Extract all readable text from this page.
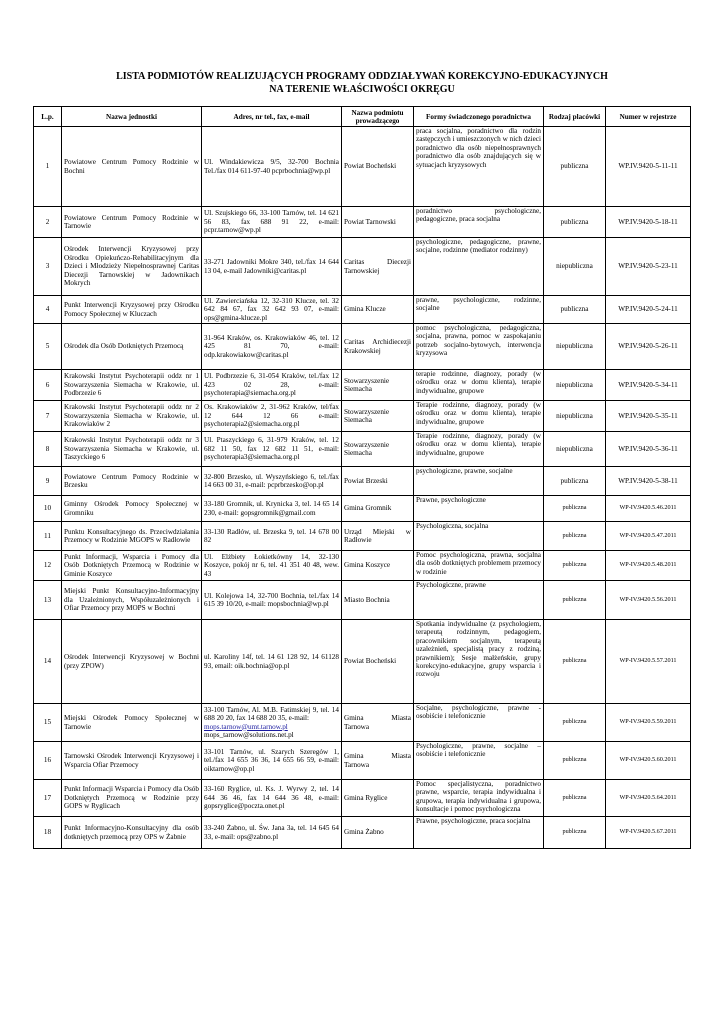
LISTA PODMIOTÓW REALIZUJĄCYCH PROGRAMY ODDZIAŁYWAŃ KOREKCYJNO-EDUKACYJNYCH
NA TERENIE WŁAŚCIWOŚCI OKRĘGU
L.p.	Nazwa jednostki	Adres, nr tel., fax, e-mail	Nazwa podmiotu prowadzącego	Formy świadczonego poradnictwa	Rodzaj placówki	Numer w rejestrze
1	Powiatowe Centrum Pomocy Rodzinie w Bochni	Ul. Windakiewicza 9/5, 32-700 Bochnia Tel./fax 014 611-97-40 pcprbochnia@wp.pl	Powiat Bocheński	praca socjalna, poradnictwo dla rodzin zastępczych i umieszczonych w nich dzieci poradnictwo dla osób niepełnosprawnych poradnictwo dla osób znajdujących się w sytuacjach kryzysowych	publiczna	WP.IV.9420-5-11-11
2	Powiatowe Centrum Pomocy Rodzinie w Tarnowie	Ul. Szujskiego 66, 33-100 Tarnów, tel. 14 621 56 83, fax 688 91 22, e-mail: pcpr.tarnow@wp.pl	Powiat Tarnowski	poradnictwo psychologiczne, pedagogiczne, praca socjalna	publiczna	WP.IV.9420-5-18-11
3	Ośrodek Interwencji Kryzysowej przy Ośrodku Opiekuńczo-Rehabilitacyjnym dla Dzieci i Młodzieży Niepełnosprawnej Caritas Diecezji Tarnowskiej w Jadownikach Mokrych	33-271 Jadowniki Mokre 340, tel./fax 14 644 13 04, e-mail Jadowniki@caritas.pl	Caritas Diecezji Tarnowskiej	psychologiczne, pedagogiczne, prawne, socjalne, rodzinne (mediator rodzinny)	niepubliczna	WP.IV.9420-5-23-11
4	Punkt Interwencji Kryzysowej przy Ośrodku Pomocy Społecznej w Kluczach	Ul. Zawierciańska 12, 32-310 Klucze, tel. 32 642 84 67, fax 32 642 93 07, e-mail: ops@gmina-klucze.pl	Gmina Klucze	prawne, psychologiczne, rodzinne, socjalne	publiczna	WP.IV.9420-5-24-11
5	Ośrodek dla Osób Dotkniętych Przemocą	31-964 Kraków, os. Krakowiaków 46, tel. 12 425 81 70, e-mail: odp.krakowiakow@caritas.pl	Caritas Archidiecezji Krakowskiej	pomoc psychologiczna, pedagogiczna, socjalna, prawna, pomoc w zaspokajaniu potrzeb socjalno-bytowych, interwencja kryzysowa	niepubliczna	WP.IV.9420-5-26-11
6	Krakowski Instytut Psychoterapii oddz nr 1 Stowarzyszenia Siemacha w Krakowie, ul. Podbrzezie 6	Ul. Podbrzezie 6, 31-054 Kraków, tel./fax 12 423 02 28, e-mail: psychoterapia@siemacha.org.pl	Stowarzyszenie Siemacha	terapie rodzinne, diagnozy, porady (w ośrodku oraz w domu klienta), terapie indywidualne, grupowe	niepubliczna	WP.IV.9420-5-34-11
7	Krakowski Instytut Psychoterapii oddz nr 2 Stowarzyszenia Siemacha w Krakowie, ul. Krakowiaków 2	Os. Krakowiaków 2, 31-962 Kraków, tel/fax 12 644 12 66 e-mail: psychoterapia2@siemacha.org.pl	Stowarzyszenie Siemacha	Terapie rodzinne, diagnozy, porady (w ośrodku oraz w domu klienta), terapie indywidualne, grupowe	niepubliczna	WP.IV.9420-5-35-11
8	Krakowski Instytut Psychoterapii oddz nr 3 Stowarzyszenia Siemacha w Krakowie, ul. Taszyckiego 6	Ul. Ptaszyckiego 6, 31-979 Kraków, tel. 12 682 11 50, fax 12 682 11 51, e-mail: psychoterapia3@siemacha.org.pl	Stowarzyszenie Siemacha	Terapie rodzinne, diagnozy, porady (w ośrodku oraz w domu klienta), terapie indywidualne, grupowe	niepubliczna	WP.IV.9420-5-36-11
9	Powiatowe Centrum Pomocy Rodzinie w Brzesku	32-800 Brzesko, ul. Wyszyńskiego 6, tel./fax 14 663 00 31, e-mail: pcprbrzesko@op.pl	Powiat Brzeski	psychologiczne, prawne, socjalne	publiczna	WP.IV.9420-5-38-11
10	Gminny Ośrodek Pomocy Społecznej w Gromniku	33-180 Gromnik, ul. Krynicka 3, tel. 14 65 14 230, e-mail: gopsgromnik@gmail.com	Gmina Gromnik	Prawne, psychologiczne	publiczna	WP-IV.9420.5.46.2011
11	Punktu Konsultacyjnego ds. Przeciwdziałania Przemocy w Rodzinie MGOPS w Radłowie	33-130 Radłów, ul. Brzeska 9, tel. 14 678 00 82	Urząd Miejski w Radłowie	Psychologiczna, socjalna	publiczna	WP-IV.9420.5.47.2011
12	Punkt Informacji, Wsparcia i Pomocy dla Osób Dotkniętych Przemocą w Rodzinie w Gminie Koszyce	Ul. Elżbiety Łokietkówny 14, 32-130 Koszyce, pokój nr 6, tel. 41 351 40 48, wew. 43	Gmina Koszyce	Pomoc psychologiczna, prawna, socjalna dla osób dotkniętych problemem przemocy w rodzinie	publiczna	WP-IV.9420.5.48.2011
13	Miejski Punkt Konsultacyjno-Informacyjny dla Uzależnionych, Współuzależnionych i Ofiar Przemocy przy MOPS w Bochni	Ul. Kolejowa 14, 32-700 Bochnia, tel./fax 14 615 39 10/20, e-mail: mopsbochnia@wp.pl	Miasto Bochnia	Psychologiczne, prawne	publiczna	WP-IV.9420.5.56.2011
14	Ośrodek Interwencji Kryzysowej w Bochni (przy ZPOW)	ul. Karoliny 14f, tel. 14 61 128 92, 14 61128 93, email: oik.bochnia@op.pl	Powiat Bocheński	Spotkania indywidualne (z psychologiem, terapeutą rodzinnym, pedagogiem, pracownikiem socjalnym, terapeutą uzależnień, specjalistą pracy z rodziną, prawnikiem); Sesje małżeńskie, grupy korekcyjno-edukacyjne, grupy wsparcia i rozwoju	publiczna	WP-IV.9420.5.57.2011
15	Miejski Ośrodek Pomocy Społecznej w Tarnowie	33-100 Tarnów, Al. M.B. Fatimskiej 9, tel. 14 688 20 20, fax 14 688 20 35, e-mail:
mops.tarnow@umt.tarnow.pl
mops_tarnow@solutions.net.pl	Gmina Miasta Tarnowa	Socjalne, psychologiczne, prawne - osobiście i telefonicznie	publiczna	WP-IV.9420.5.59.2011
16	Tarnowski Ośrodek Interwencji Kryzysowej i Wsparcia Ofiar Przemocy	33-101 Tarnów, ul. Szarych Szeregów 1, tel./fax 14 655 36 36, 14 655 66 59, e-mail: oiktarnow@op.pl	Gmina Miasta Tarnowa	Psychologiczne, prawne, socjalne – osobiście i telefonicznie	publiczna	WP-IV.9420.5.60.2011
17	Punkt Informacji Wsparcia i Pomocy dla Osób Dotkniętych Przemocą w Rodzinie przy GOPS w Ryglicach	33-160 Ryglice, ul. Ks. J. Wyrwy 2, tel. 14 644 36 46, fax 14 644 36 48, e-mail: gopsryglice@poczta.onet.pl	Gmina Ryglice	Pomoc specjalistyczna, poradnictwo prawne, wsparcie, terapia indywidualna i grupowa, terapia indywidualna i grupowa, konsultacje i pomoc psychologiczna	publiczna	WP-IV.9420.5.64.2011
18	Punkt Informacyjno-Konsultacyjny dla osób dotkniętych przemocą przy OPS w Żabnie	33-240 Żabno, ul. Św. Jana 3a, tel. 14 645 64 33, e-mail: ops@zabno.pl	Gmina Żabno	Prawne, psychologiczne, praca socjalna	publiczna	WP-IV.9420.5.67.2011
